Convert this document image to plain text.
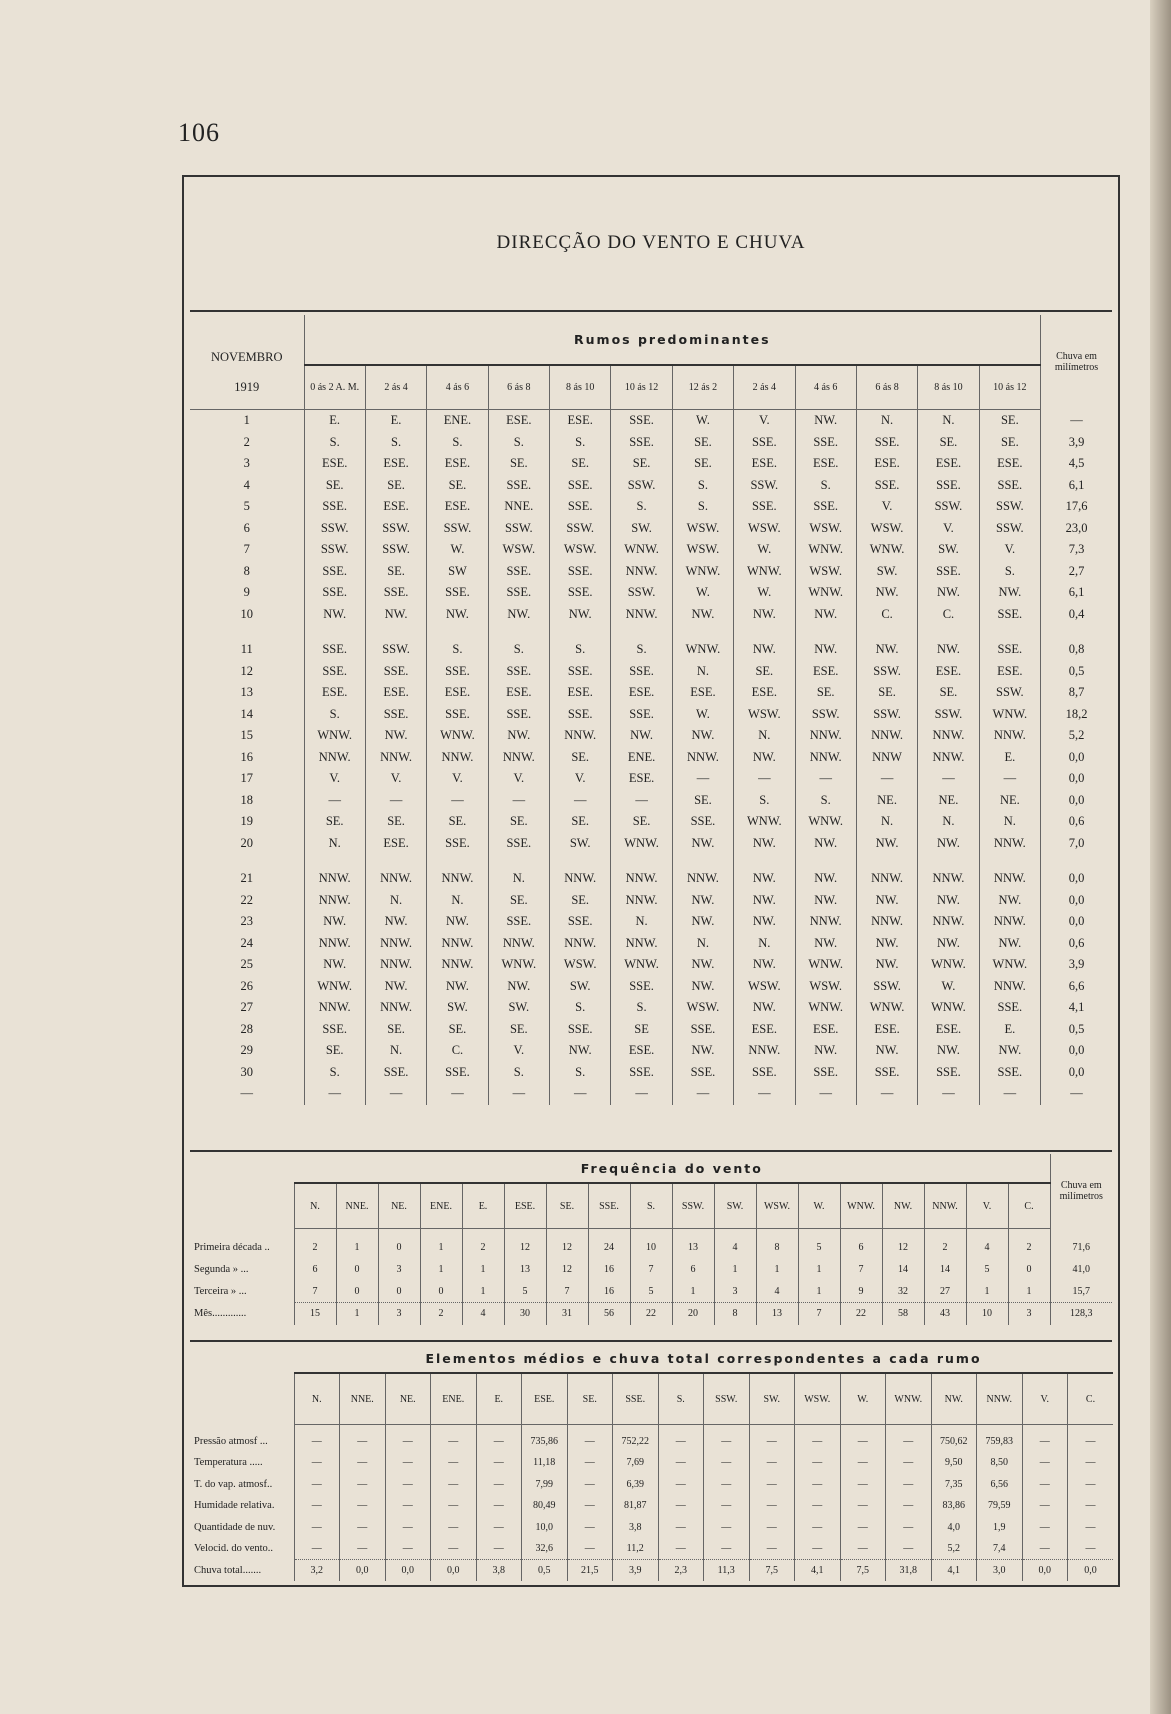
106
DIRECÇÃO DO VENTO E CHUVA
NOVEMBRO	Rumos predominantes												Chuva em milímetros
1919	0 ás 2 A. M.	2 ás 4	4 ás 6	6 ás 8	8 ás 10	10 ás 12	12 ás 2	2 ás 4	4 ás 6	6 ás 8	8 ás 10	10 ás 12	
1	E.	E.	ENE.	ESE.	ESE.	SSE.	W.	V.	NW.	N.	N.	SE.	—
2	S.	S.	S.	S.	S.	SSE.	SE.	SSE.	SSE.	SSE.	SE.	SE.	3,9
3	ESE.	ESE.	ESE.	SE.	SE.	SE.	SE.	ESE.	ESE.	ESE.	ESE.	ESE.	4,5
4	SE.	SE.	SE.	SSE.	SSE.	SSW.	S.	SSW.	S.	SSE.	SSE.	SSE.	6,1
5	SSE.	ESE.	ESE.	NNE.	SSE.	S.	S.	SSE.	SSE.	V.	SSW.	SSW.	17,6
6	SSW.	SSW.	SSW.	SSW.	SSW.	SW.	WSW.	WSW.	WSW.	WSW.	V.	SSW.	23,0
7	SSW.	SSW.	W.	WSW.	WSW.	WNW.	WSW.	W.	WNW.	WNW.	SW.	V.	7,3
8	SSE.	SE.	SW	SSE.	SSE.	NNW.	WNW.	WNW.	WSW.	SW.	SSE.	S.	2,7
9	SSE.	SSE.	SSE.	SSE.	SSE.	SSW.	W.	W.	WNW.	NW.	NW.	NW.	6,1
10	NW.	NW.	NW.	NW.	NW.	NNW.	NW.	NW.	NW.	C.	C.	SSE.	0,4
11	SSE.	SSW.	S.	S.	S.	S.	WNW.	NW.	NW.	NW.	NW.	SSE.	0,8
12	SSE.	SSE.	SSE.	SSE.	SSE.	SSE.	N.	SE.	ESE.	SSW.	ESE.	ESE.	0,5
13	ESE.	ESE.	ESE.	ESE.	ESE.	ESE.	ESE.	ESE.	SE.	SE.	SE.	SSW.	8,7
14	S.	SSE.	SSE.	SSE.	SSE.	SSE.	W.	WSW.	SSW.	SSW.	SSW.	WNW.	18,2
15	WNW.	NW.	WNW.	NW.	NNW.	NW.	NW.	N.	NNW.	NNW.	NNW.	NNW.	5,2
16	NNW.	NNW.	NNW.	NNW.	SE.	ENE.	NNW.	NW.	NNW.	NNW	NNW.	E.	0,0
17	V.	V.	V.	V.	V.	ESE.	—	—	—	—	—	—	0,0
18	—	—	—	—	—	—	SE.	S.	S.	NE.	NE.	NE.	0,0
19	SE.	SE.	SE.	SE.	SE.	SE.	SSE.	WNW.	WNW.	N.	N.	N.	0,6
20	N.	ESE.	SSE.	SSE.	SW.	WNW.	NW.	NW.	NW.	NW.	NW.	NNW.	7,0
21	NNW.	NNW.	NNW.	N.	NNW.	NNW.	NNW.	NW.	NW.	NNW.	NNW.	NNW.	0,0
22	NNW.	N.	N.	SE.	SE.	NNW.	NW.	NW.	NW.	NW.	NW.	NW.	0,0
23	NW.	NW.	NW.	SSE.	SSE.	N.	NW.	NW.	NNW.	NNW.	NNW.	NNW.	0,0
24	NNW.	NNW.	NNW.	NNW.	NNW.	NNW.	N.	N.	NW.	NW.	NW.	NW.	0,6
25	NW.	NNW.	NNW.	WNW.	WSW.	WNW.	NW.	NW.	WNW.	NW.	WNW.	WNW.	3,9
26	WNW.	NW.	NW.	NW.	SW.	SSE.	NW.	WSW.	WSW.	SSW.	W.	NNW.	6,6
27	NNW.	NNW.	SW.	SW.	S.	S.	WSW.	NW.	WNW.	WNW.	WNW.	SSE.	4,1
28	SSE.	SE.	SE.	SE.	SSE.	SE	SSE.	ESE.	ESE.	ESE.	ESE.	E.	0,5
29	SE.	N.	C.	V.	NW.	ESE.	NW.	NNW.	NW.	NW.	NW.	NW.	0,0
30	S.	SSE.	SSE.	S.	S.	SSE.	SSE.	SSE.	SSE.	SSE.	SSE.	SSE.	0,0
—	—	—	—	—	—	—	—	—	—	—	—	—	—
	Frequência do vento																		Chuva em milímetros
	N.	NNE.	NE.	ENE.	E.	ESE.	SE.	SSE.	S.	SSW.	SW.	WSW.	W.	WNW.	NW.	NNW.	V.	C.	
Primeira década ..	2	1	0	1	2	12	12	24	10	13	4	8	5	6	12	2	4	2	71,6
Segunda » ...	6	0	3	1	1	13	12	16	7	6	1	1	1	7	14	14	5	0	41,0
Terceira » ...	7	0	0	0	1	5	7	16	5	1	3	4	1	9	32	27	1	1	15,7
Mês.............	15	1	3	2	4	30	31	56	22	20	8	13	7	22	58	43	10	3	128,3
	Elementos médios e chuva total correspondentes a cada rumo																	
	N.	NNE.	NE.	ENE.	E.	ESE.	SE.	SSE.	S.	SSW.	SW.	WSW.	W.	WNW.	NW.	NNW.	V.	C.
Pressão atmosf ...	—	—	—	—	—	735,86	—	752,22	—	—	—	—	—	—	750,62	759,83	—	—
Temperatura .....	—	—	—	—	—	11,18	—	7,69	—	—	—	—	—	—	9,50	8,50	—	—
T. do vap. atmosf..	—	—	—	—	—	7,99	—	6,39	—	—	—	—	—	—	7,35	6,56	—	—
Humidade relativa.	—	—	—	—	—	80,49	—	81,87	—	—	—	—	—	—	83,86	79,59	—	—
Quantidade de nuv.	—	—	—	—	—	10,0	—	3,8	—	—	—	—	—	—	4,0	1,9	—	—
Velocid. do vento..	—	—	—	—	—	32,6	—	11,2	—	—	—	—	—	—	5,2	7,4	—	—
Chuva total.......	3,2	0,0	0,0	0,0	3,8	0,5	21,5	3,9	2,3	11,3	7,5	4,1	7,5	31,8	4,1	3,0	0,0	0,0
